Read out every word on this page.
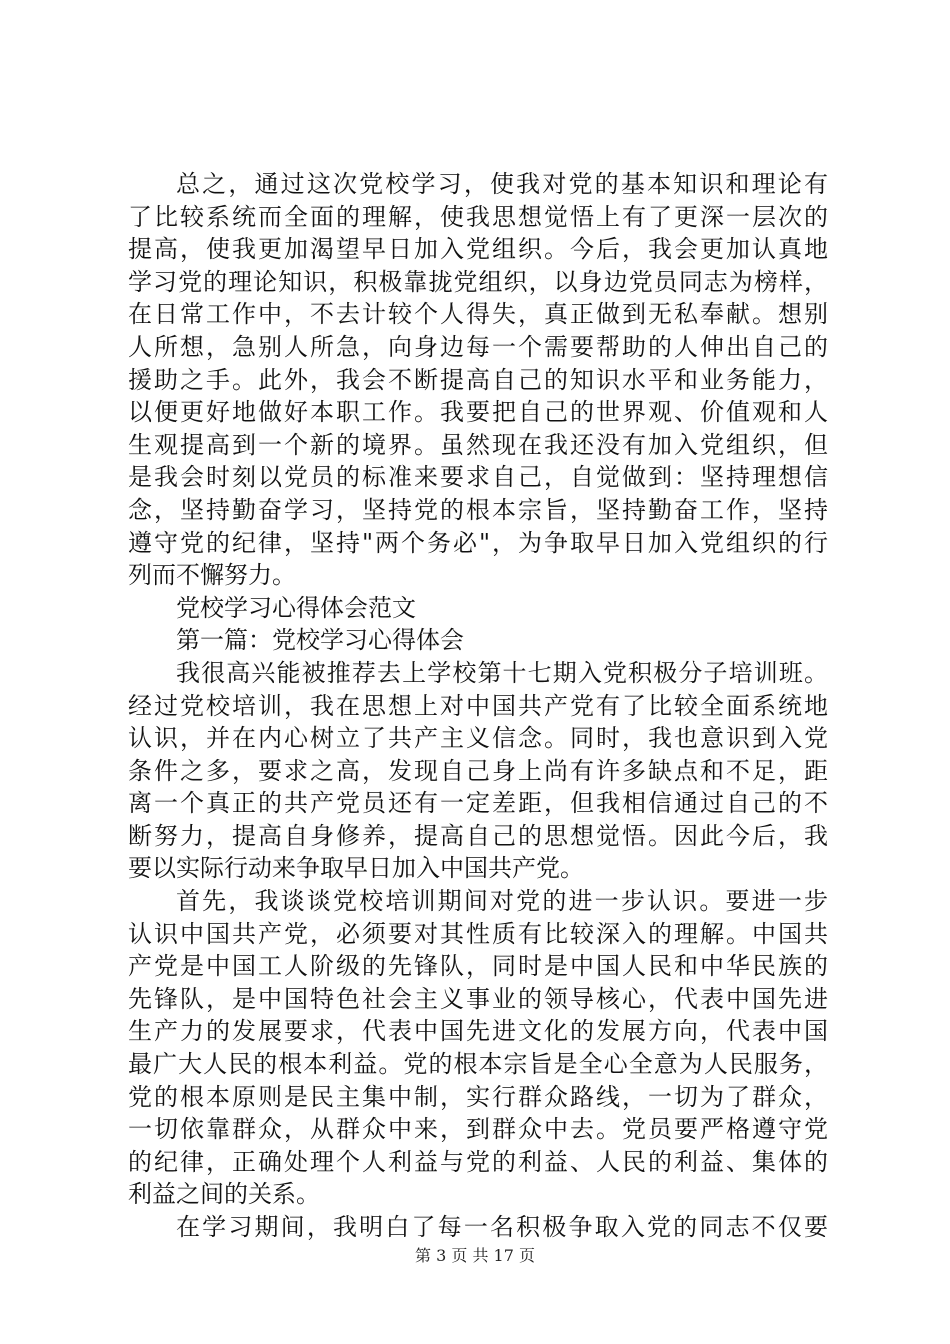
总之，通过这次党校学习，使我对党的基本知识和理论有
了比较系统而全面的理解，使我思想觉悟上有了更深一层次的
提高，使我更加渴望早日加入党组织。今后，我会更加认真地
学习党的理论知识，积极靠拢党组织，以身边党员同志为榜样，
在日常工作中，不去计较个人得失，真正做到无私奉献。想别
人所想，急别人所急，向身边每一个需要帮助的人伸出自己的
援助之手。此外，我会不断提高自己的知识水平和业务能力，
以便更好地做好本职工作。我要把自己的世界观、价值观和人
生观提高到一个新的境界。虽然现在我还没有加入党组织，但
是我会时刻以党员的标准来要求自己，自觉做到：坚持理想信
念，坚持勤奋学习，坚持党的根本宗旨，坚持勤奋工作，坚持
遵守党的纪律，坚持"两个务必"，为争取早日加入党组织的行
列而不懈努力。
党校学习心得体会范文
第一篇：党校学习心得体会
我很高兴能被推荐去上学校第十七期入党积极分子培训班。
经过党校培训，我在思想上对中国共产党有了比较全面系统地
认识，并在内心树立了共产主义信念。同时，我也意识到入党
条件之多，要求之高，发现自己身上尚有许多缺点和不足，距
离一个真正的共产党员还有一定差距，但我相信通过自己的不
断努力，提高自身修养，提高自己的思想觉悟。因此今后，我
要以实际行动来争取早日加入中国共产党。
首先，我谈谈党校培训期间对党的进一步认识。要进一步
认识中国共产党，必须要对其性质有比较深入的理解。中国共
产党是中国工人阶级的先锋队，同时是中国人民和中华民族的
先锋队，是中国特色社会主义事业的领导核心，代表中国先进
生产力的发展要求，代表中国先进文化的发展方向，代表中国
最广大人民的根本利益。党的根本宗旨是全心全意为人民服务，
党的根本原则是民主集中制，实行群众路线，一切为了群众，
一切依靠群众，从群众中来，到群众中去。党员要严格遵守党
的纪律，正确处理个人利益与党的利益、人民的利益、集体的
利益之间的关系。
在学习期间，我明白了每一名积极争取入党的同志不仅要
第 3 页 共 17 页
